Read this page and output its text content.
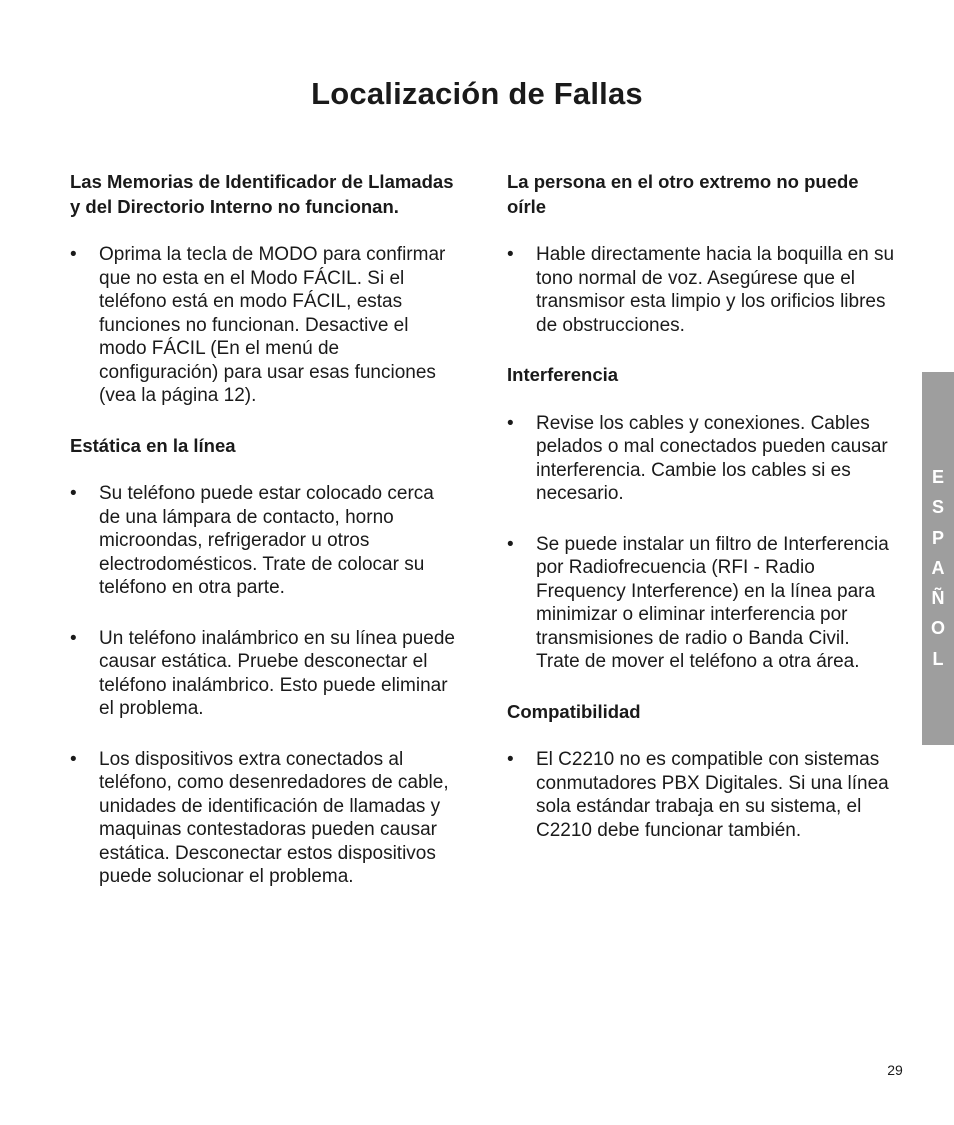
Localización de Fallas
Las Memorias de Identificador de Llamadas y del Directorio Interno no funcionan.
• Oprima la tecla de MODO para confirmar que no esta en el Modo FÁCIL. Si el teléfono está en modo FÁCIL, estas funciones no funcionan. Desactive el modo FÁCIL (En el menú de configuración) para usar esas funciones (vea la página 12).
Estática en la línea
• Su teléfono puede estar colocado cerca de una lámpara de contacto, horno microondas, refrigerador u otros electrodomésticos. Trate de colocar su teléfono en otra parte.
• Un teléfono inalámbrico en su línea puede causar estática. Pruebe desconectar el teléfono inalámbrico. Esto puede eliminar el problema.
• Los dispositivos extra conectados al teléfono, como desenredadores de cable, unidades de identificación de llamadas y maquinas contestadoras pueden causar estática. Desconectar estos dispositivos puede solucionar el problema.
La persona en el otro extremo no puede oírle
• Hable directamente hacia la boquilla en su tono normal de voz. Asegúrese que el transmisor esta limpio y los orificios libres de obstrucciones.
Interferencia
• Revise los cables y conexiones. Cables pelados o mal conectados pueden causar interferencia. Cambie los cables si es necesario.
• Se puede instalar un filtro de Interferencia por Radiofrecuencia (RFI - Radio Frequency Interference) en la línea para minimizar o eliminar interferencia por transmisiones de radio o Banda Civil. Trate de mover el teléfono a otra área.
Compatibilidad
• El C2210 no es compatible con sistemas conmutadores PBX Digitales. Si una línea sola estándar trabaja en su sistema, el C2210 debe funcionar también.
E
S
P
A
Ñ
O
L
29
